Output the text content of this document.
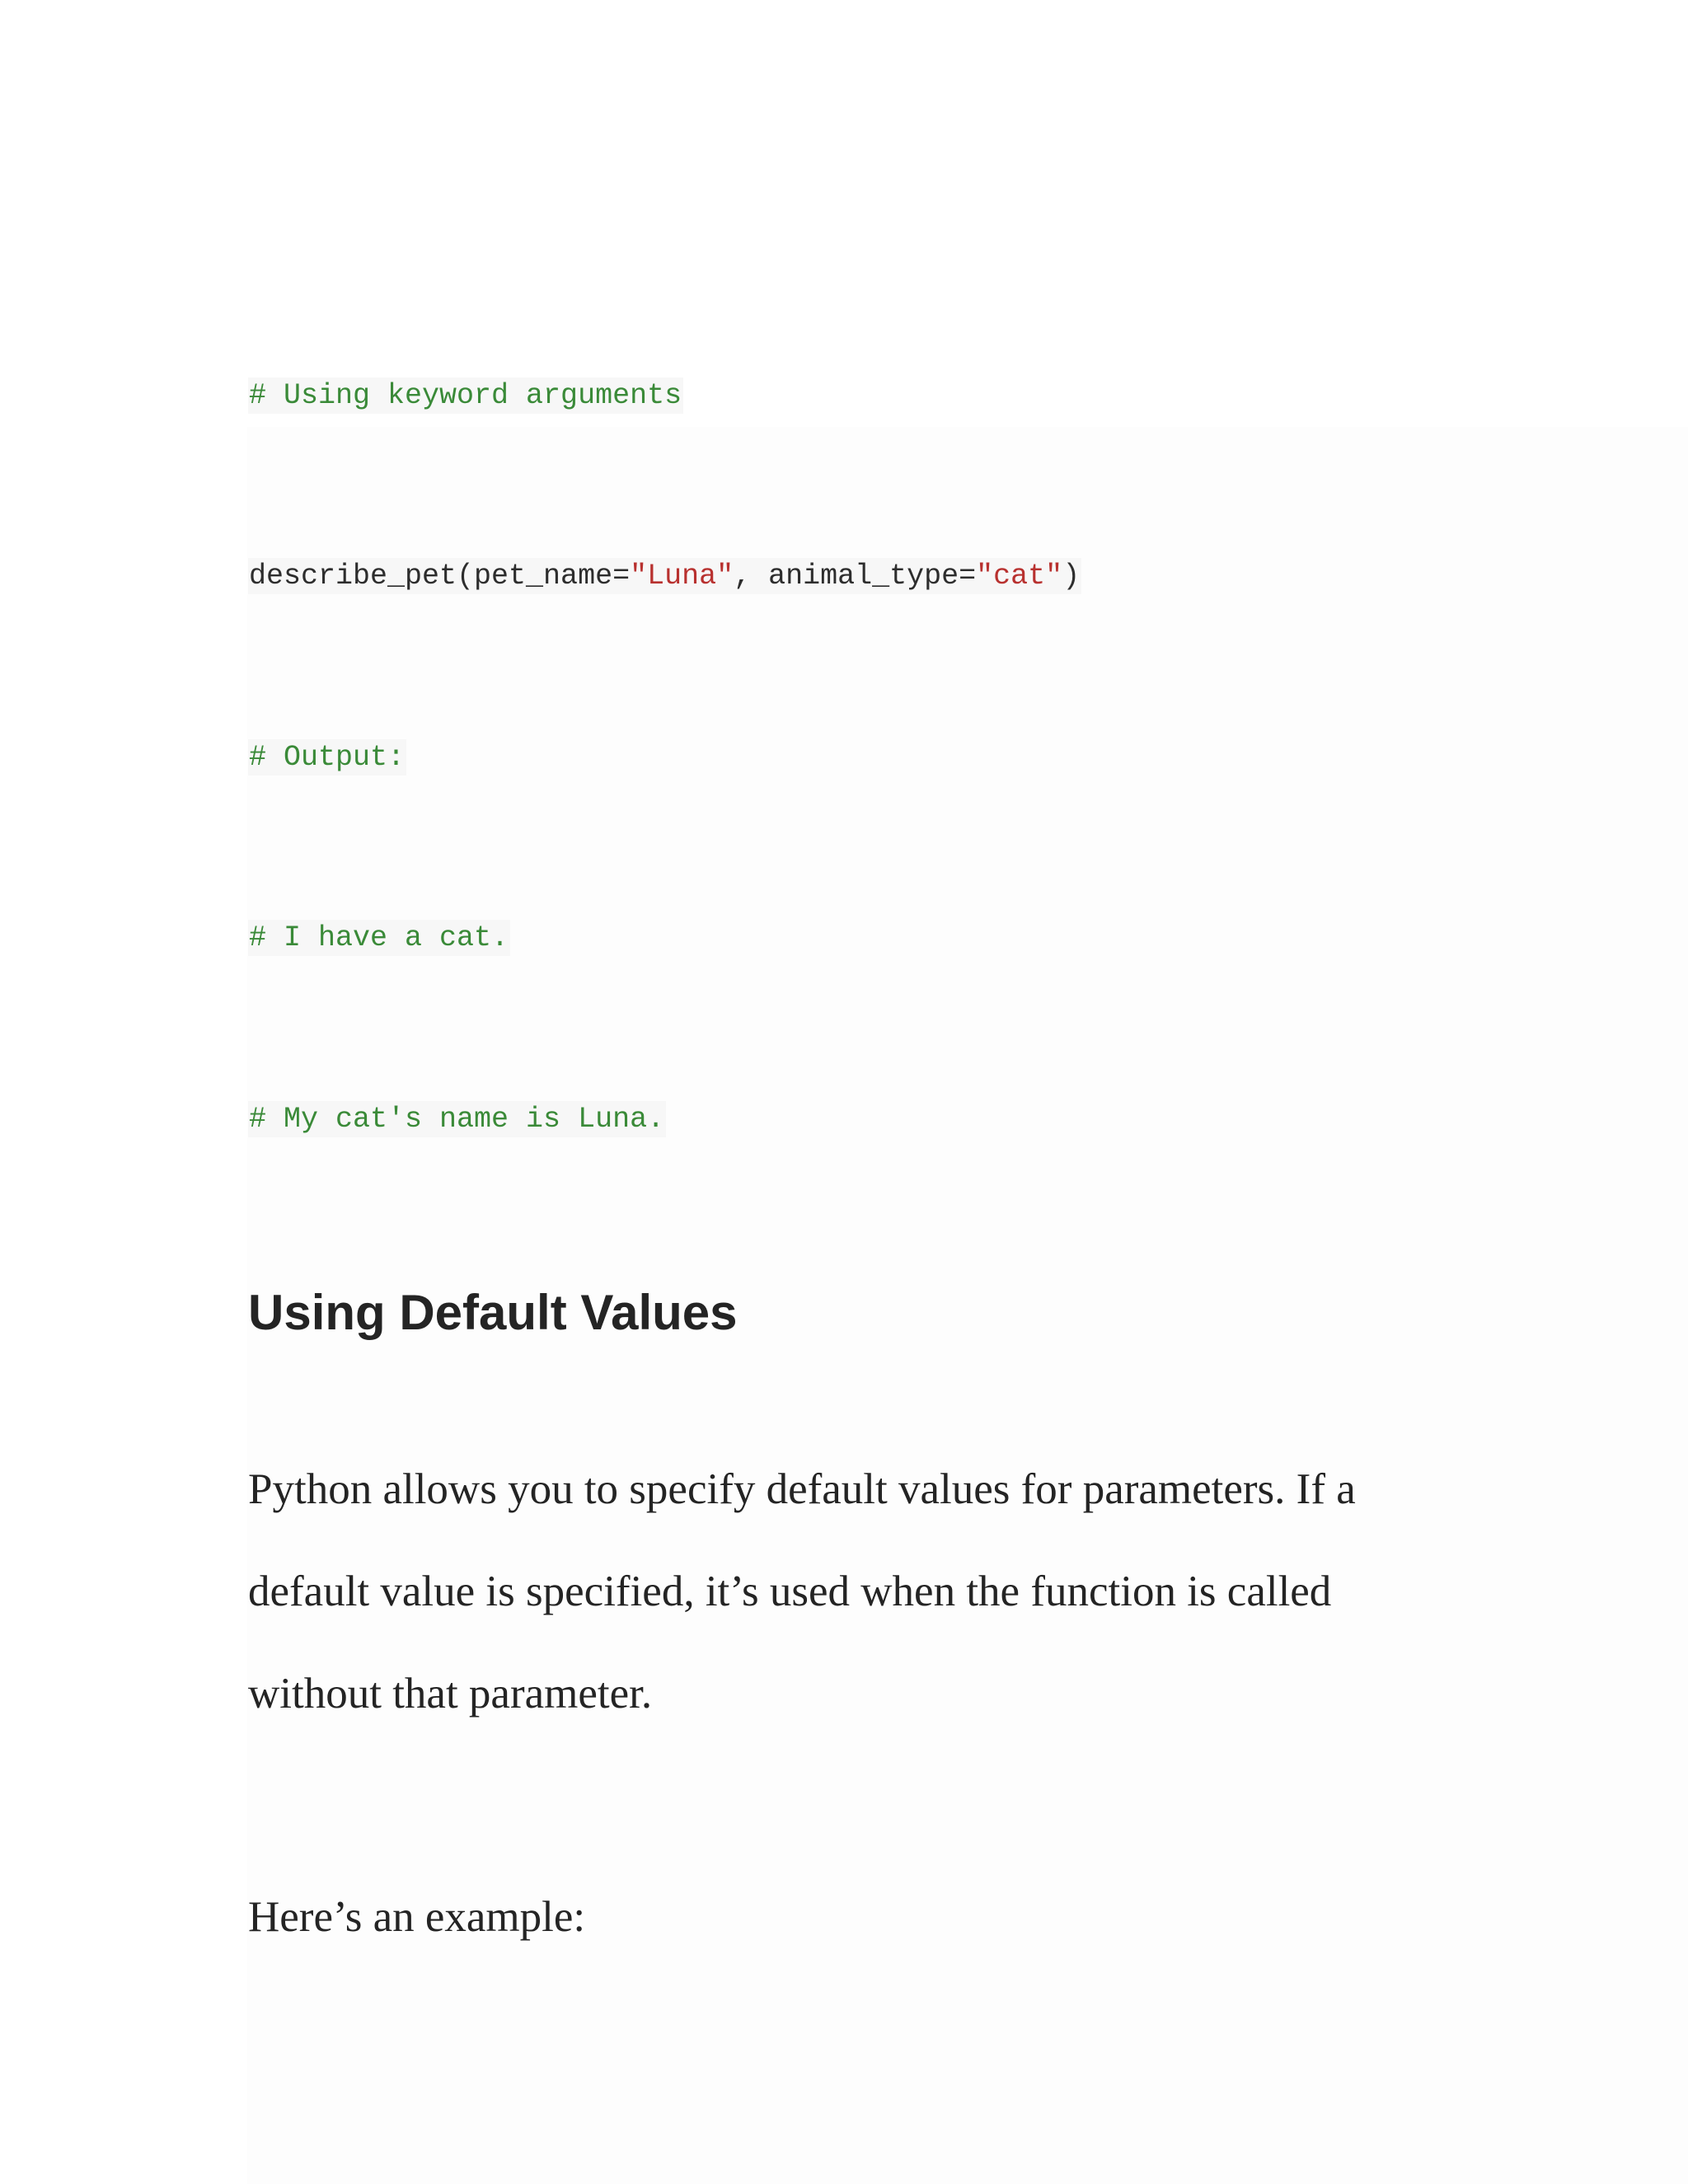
# Using keyword arguments
describe_pet(pet_name="Luna", animal_type="cat")
# Output:
# I have a cat.
# My cat's name is Luna.
Using Default Values

Python allows you to specify default values for parameters. If a
default value is specified, it’s used when the function is called
without that parameter.

Here’s an example:
